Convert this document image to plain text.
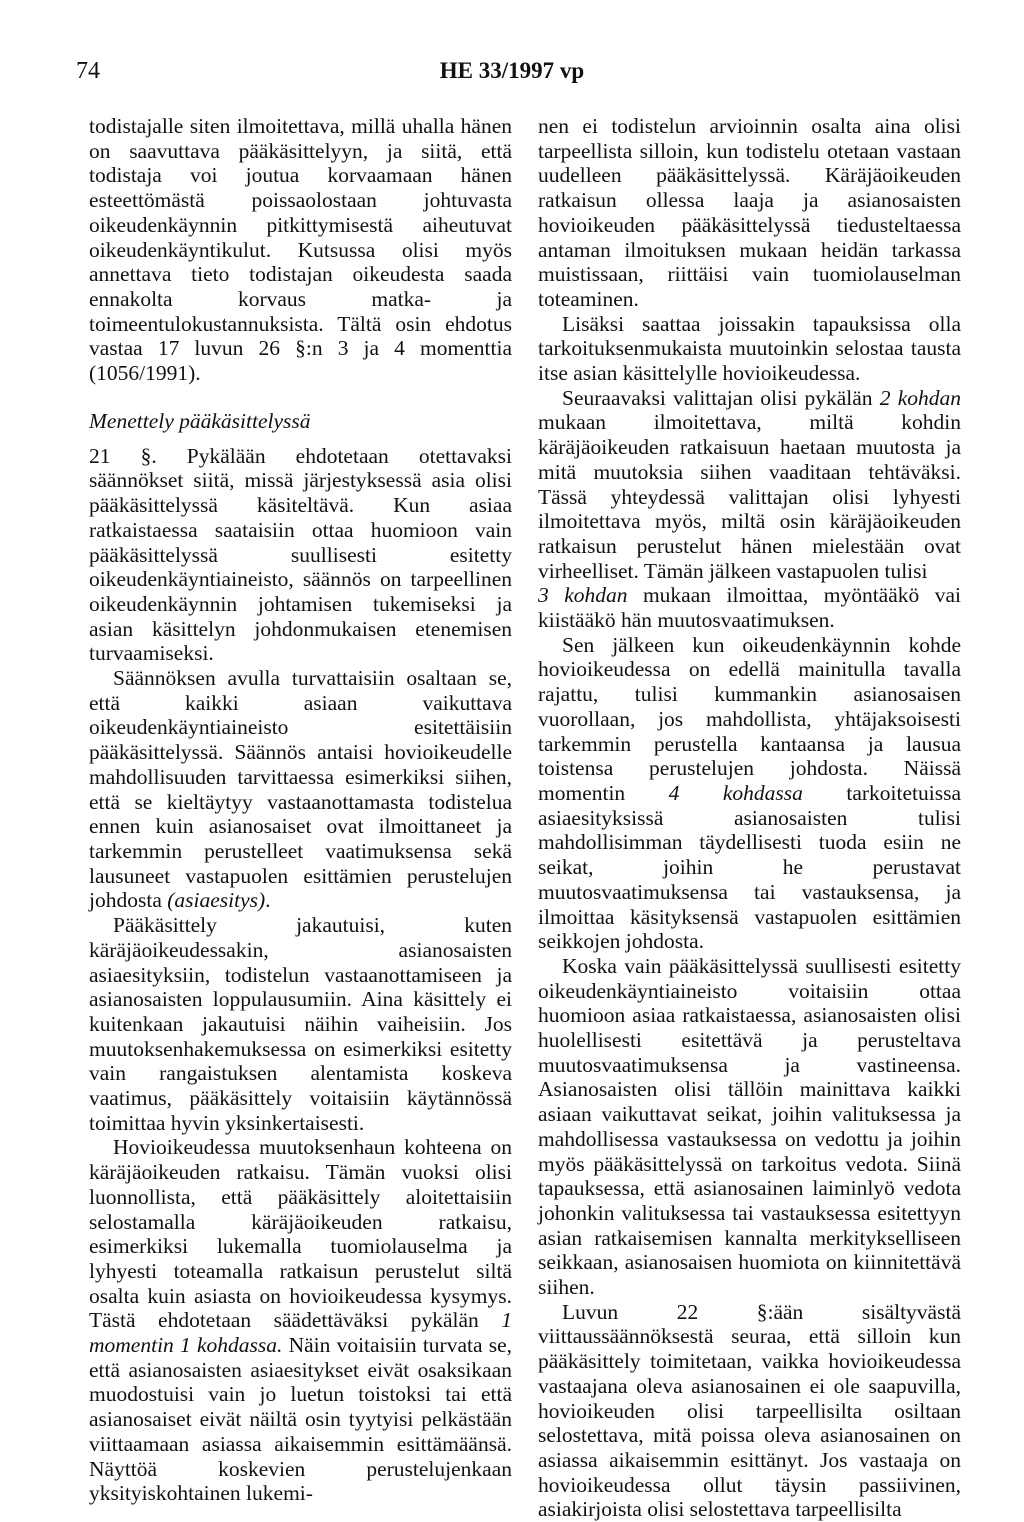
74	HE 33/1997 vp

todistajalle siten ilmoitettava, millä uhalla hänen on saavuttava pääkäsittelyyn, ja siitä, että todistaja voi joutua korvaamaan hänen esteettömästä poissaolostaan johtuvasta oikeudenkäynnin pitkittymisestä aiheutuvat oikeudenkäyntikulut. Kutsussa olisi myös annettava tieto todistajan oikeudesta saada ennakolta korvaus matka- ja toimeentulokustannuksista. Tältä osin ehdotus vastaa 17 luvun 26 §:n 3 ja 4 momenttia (1056/1991).

Menettely pääkäsittelyssä

21 §. Pykälään ehdotetaan otettavaksi säännökset siitä, missä järjestyksessä asia olisi pääkäsittelyssä käsiteltävä. Kun asiaa ratkaistaessa saataisiin ottaa huomioon vain pääkäsittelyssä suullisesti esitetty oikeudenkäyntiaineisto, säännös on tarpeellinen oikeudenkäynnin johtamisen tukemiseksi ja asian käsittelyn johdonmukaisen etenemisen turvaamiseksi.

Säännöksen avulla turvattaisiin osaltaan se, että kaikki asiaan vaikuttava oikeudenkäyntiaineisto esitettäisiin pääkäsittelyssä. Säännös antaisi hovioikeudelle mahdollisuuden tarvittaessa esimerkiksi siihen, että se kieltäytyy vastaanottamasta todistelua ennen kuin asianosaiset ovat ilmoittaneet ja tarkemmin perustelleet vaatimuksensa sekä lausuneet vastapuolen esittämien perustelujen johdosta (asiaesitys).

Pääkäsittely jakautuisi, kuten käräjäoikeudessakin, asianosaisten asiaesityksiin, todistelun vastaanottamiseen ja asianosaisten loppulausumiin. Aina käsittely ei kuitenkaan jakautuisi näihin vaiheisiin. Jos muutoksenhakemuksessa on esimerkiksi esitetty vain rangaistuksen alentamista koskeva vaatimus, pääkäsittely voitaisiin käytännössä toimittaa hyvin yksinkertaisesti.

Hovioikeudessa muutoksenhaun kohteena on käräjäoikeuden ratkaisu. Tämän vuoksi olisi luonnollista, että pääkäsittely aloitettaisiin selostamalla käräjäoikeuden ratkaisu, esimerkiksi lukemalla tuomiolauselma ja lyhyesti toteamalla ratkaisun perustelut siltä osalta kuin asiasta on hovioikeudessa kysymys. Tästä ehdotetaan säädettäväksi pykälän 1 momentin 1 kohdassa. Näin voitaisiin turvata se, että asianosaisten asiaesitykset eivät osaksikaan muodostuisi vain jo luetun toistoksi tai että asianosaiset eivät näiltä osin tyytyisi pelkästään viittaamaan asiassa aikaisemmin esittämäänsä. Näyttöä koskevien perustelujenkaan yksityiskohtainen lukemi-

nen ei todistelun arvioinnin osalta aina olisi tarpeellista silloin, kun todistelu otetaan vastaan uudelleen pääkäsittelyssä. Käräjäoikeuden ratkaisun ollessa laaja ja asianosaisten hovioikeuden pääkäsittelyssä tiedusteltaessa antaman ilmoituksen mukaan heidän tarkassa muistissaan, riittäisi vain tuomiolauselman toteaminen.

Lisäksi saattaa joissakin tapauksissa olla tarkoituksenmukaista muutoinkin selostaa tausta itse asian käsittelylle hovioikeudessa.

Seuraavaksi valittajan olisi pykälän 2 kohdan mukaan ilmoitettava, miltä kohdin käräjäoikeuden ratkaisuun haetaan muutosta ja mitä muutoksia siihen vaaditaan tehtäväksi. Tässä yhteydessä valittajan olisi lyhyesti ilmoitettava myös, miltä osin käräjäoikeuden ratkaisun perustelut hänen mielestään ovat virheelliset. Tämän jälkeen vastapuolen tulisi
3 kohdan mukaan ilmoittaa, myöntääkö vai kiistääkö hän muutosvaatimuksen.

Sen jälkeen kun oikeudenkäynnin kohde hovioikeudessa on edellä mainitulla tavalla rajattu, tulisi kummankin asianosaisen vuorollaan, jos mahdollista, yhtäjaksoisesti tarkemmin perustella kantaansa ja lausua toistensa perustelujen johdosta. Näissä momentin 4 kohdassa tarkoitetuissa asiaesityksissä asianosaisten tulisi mahdollisimman täydellisesti tuoda esiin ne seikat, joihin he perustavat muutosvaatimuksensa tai vastauksensa, ja ilmoittaa käsityksensä vastapuolen esittämien seikkojen johdosta.

Koska vain pääkäsittelyssä suullisesti esitetty oikeudenkäyntiaineisto voitaisiin ottaa huomioon asiaa ratkaistaessa, asianosaisten olisi huolellisesti esitettävä ja perusteltava muutosvaatimuksensa ja vastineensa. Asianosaisten olisi tällöin mainittava kaikki asiaan vaikuttavat seikat, joihin valituksessa ja mahdollisessa vastauksessa on vedottu ja joihin myös pääkäsittelyssä on tarkoitus vedota. Siinä tapauksessa, että asianosainen laiminlyö vedota johonkin valituksessa tai vastauksessa esitettyyn asian ratkaisemisen kannalta merkitykselliseen seikkaan, asianosaisen huomiota on kiinnitettävä siihen.

Luvun 22 §:ään sisältyvästä viittaussäännöksestä seuraa, että silloin kun pääkäsittely toimitetaan, vaikka hovioikeudessa vastaajana oleva asianosainen ei ole saapuvilla, hovioikeuden olisi tarpeellisilta osiltaan selostettava, mitä poissa oleva asianosainen on asiassa aikaisemmin esittänyt. Jos vastaaja on hovioikeudessa ollut täysin passiivinen, asiakirjoista olisi selostettava tarpeellisilta
